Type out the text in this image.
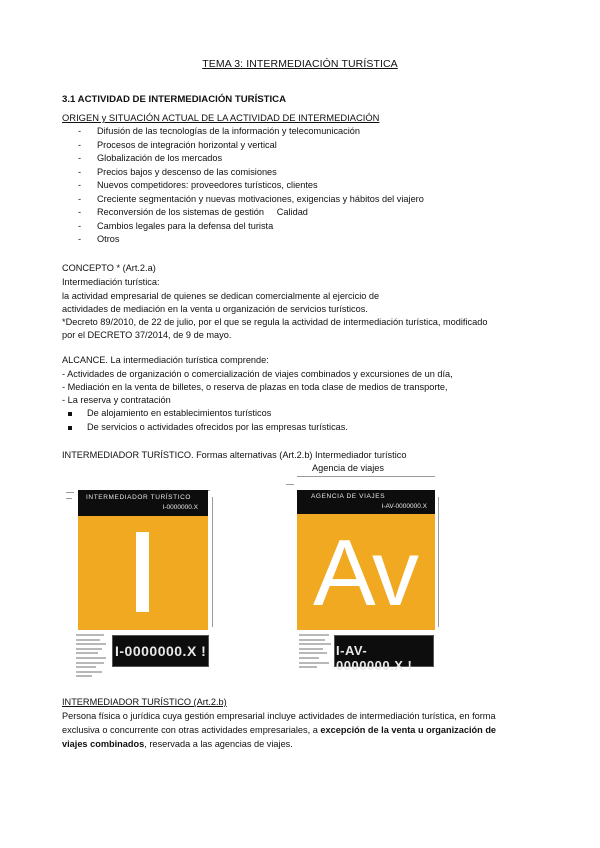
TEMA 3: INTERMEDIACIÓN TURÍSTICA
3.1 ACTIVIDAD DE INTERMEDIACIÓN TURÍSTICA
ORIGEN y SITUACIÓN ACTUAL DE LA ACTIVIDAD DE INTERMEDIACIÓN
- Difusión de las tecnologías de la información y telecomunicación
- Procesos de integración horizontal y vertical
- Globalización de los mercados
- Precios bajos y descenso de las comisiones
- Nuevos competidores: proveedores turísticos, clientes
- Creciente segmentación y nuevas motivaciones, exigencias y hábitos del viajero
- Reconversión de los sistemas de gestión     Calidad
- Cambios legales para la defensa del turista
- Otros
CONCEPTO * (Art.2.a)
Intermediación turística:
la actividad empresarial de quienes se dedican comercialmente al ejercicio de
actividades de mediación en la venta u organización de servicios turísticos.
*Decreto 89/2010, de 22 de julio, por el que se regula la actividad de intermediación turística, modificado
por el DECRETO 37/2014, de 9 de mayo.
ALCANCE. La intermediación turística comprende:
- Actividades de organización o comercialización de viajes combinados y excursiones de un día,
- Mediación en la venta de billetes, o reserva de plazas en toda clase de medios de transporte,
- La reserva y contratación
De alojamiento en establecimientos turísticos
De servicios o actividades ofrecidos por las empresas turísticas.
INTERMEDIADOR TURÍSTICO. Formas alternativas (Art.2.b) Intermediador turístico
Agencia de viajes
INTERMEDIADOR TURÍSTICO
I-0000000.X
I-0000000.X !
AGENCIA DE VIAJES
I-AV-0000000.X
Av
I-AV-0000000.X !
INTERMEDIADOR TURÍSTICO (Art.2.b)
Persona física o jurídica cuya gestión empresarial incluye actividades de intermediación turística, en forma
exclusiva o concurrente con otras actividades empresariales, a excepción de la venta u organización de
viajes combinados, reservada a las agencias de viajes.
